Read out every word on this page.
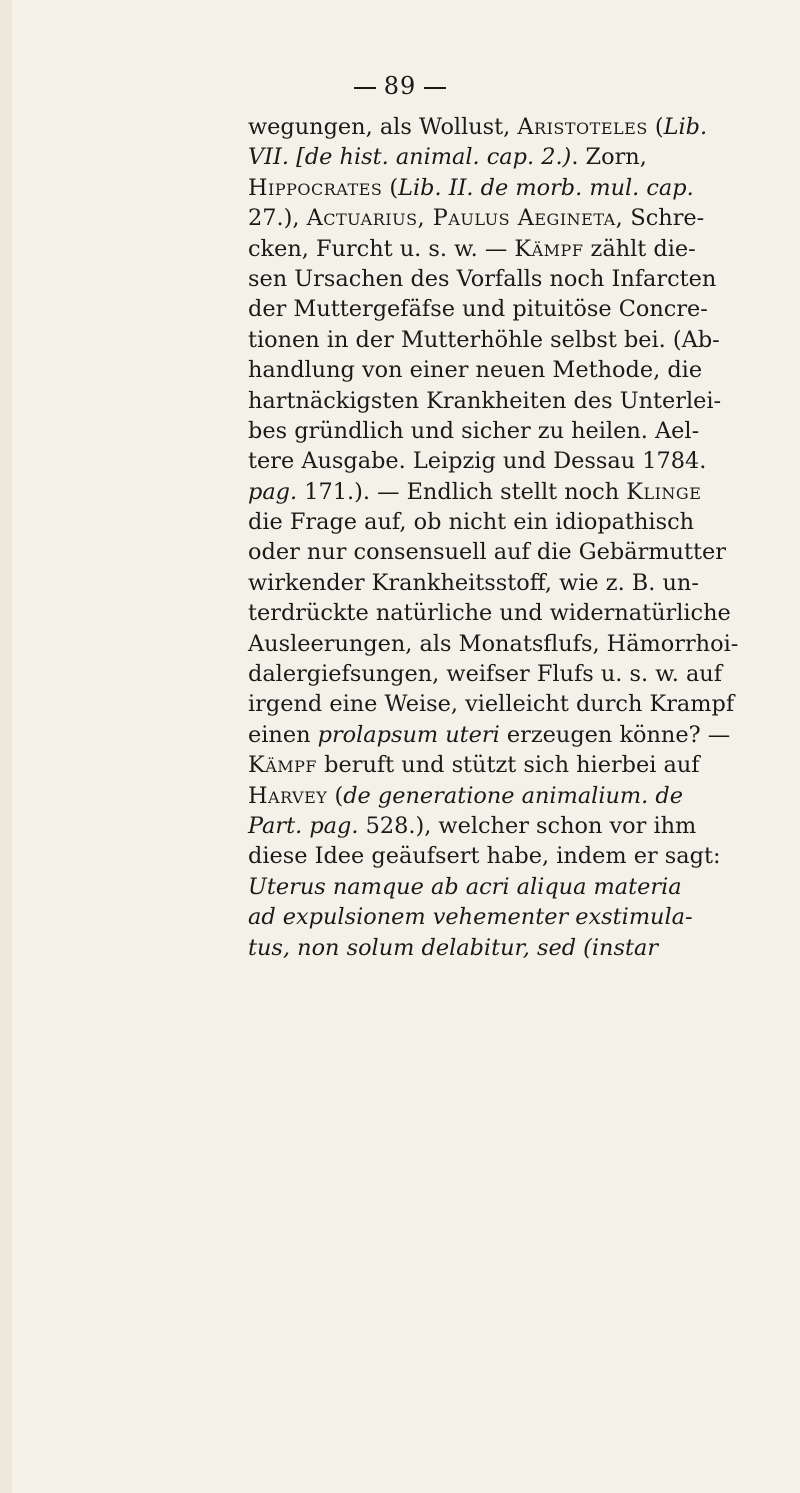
89
wegungen, als Wollust, Aristoteles (Lib.
VII. [de hist. animal. cap. 2.). Zorn,
Hippocrates (Lib. II. de morb. mul. cap.
27.), Actuarius, Paulus Aegineta, Schre-
cken, Furcht u. s. w. — Kämpf zählt die-
sen Ursachen des Vorfalls noch Infarcten
der Muttergefäfse und pituitöse Concre-
tionen in der Mutterhöhle selbst bei. (Ab-
handlung von einer neuen Methode, die
hartnäckigsten Krankheiten des Unterlei-
bes gründlich und sicher zu heilen. Ael-
tere Ausgabe. Leipzig und Dessau 1784.
pag. 171.). — Endlich stellt noch Klinge
die Frage auf, ob nicht ein idiopathisch
oder nur consensuell auf die Gebärmutter
wirkender Krankheitsstoff, wie z. B. un-
terdrückte natürliche und widernatürliche
Ausleerungen, als Monatsflufs, Hämorrhoi-
dalergiefsungen, weifser Flufs u. s. w. auf
irgend eine Weise, vielleicht durch Krampf
einen prolapsum uteri erzeugen könne? —
Kämpf beruft und stützt sich hierbei auf
Harvey (de generatione animalium. de
Part. pag. 528.), welcher schon vor ihm
diese Idee geäufsert habe, indem er sagt:
Uterus namque ab acri aliqua materia
ad expulsionem vehementer exstimula-
tus, non solum delabitur, sed (instar
